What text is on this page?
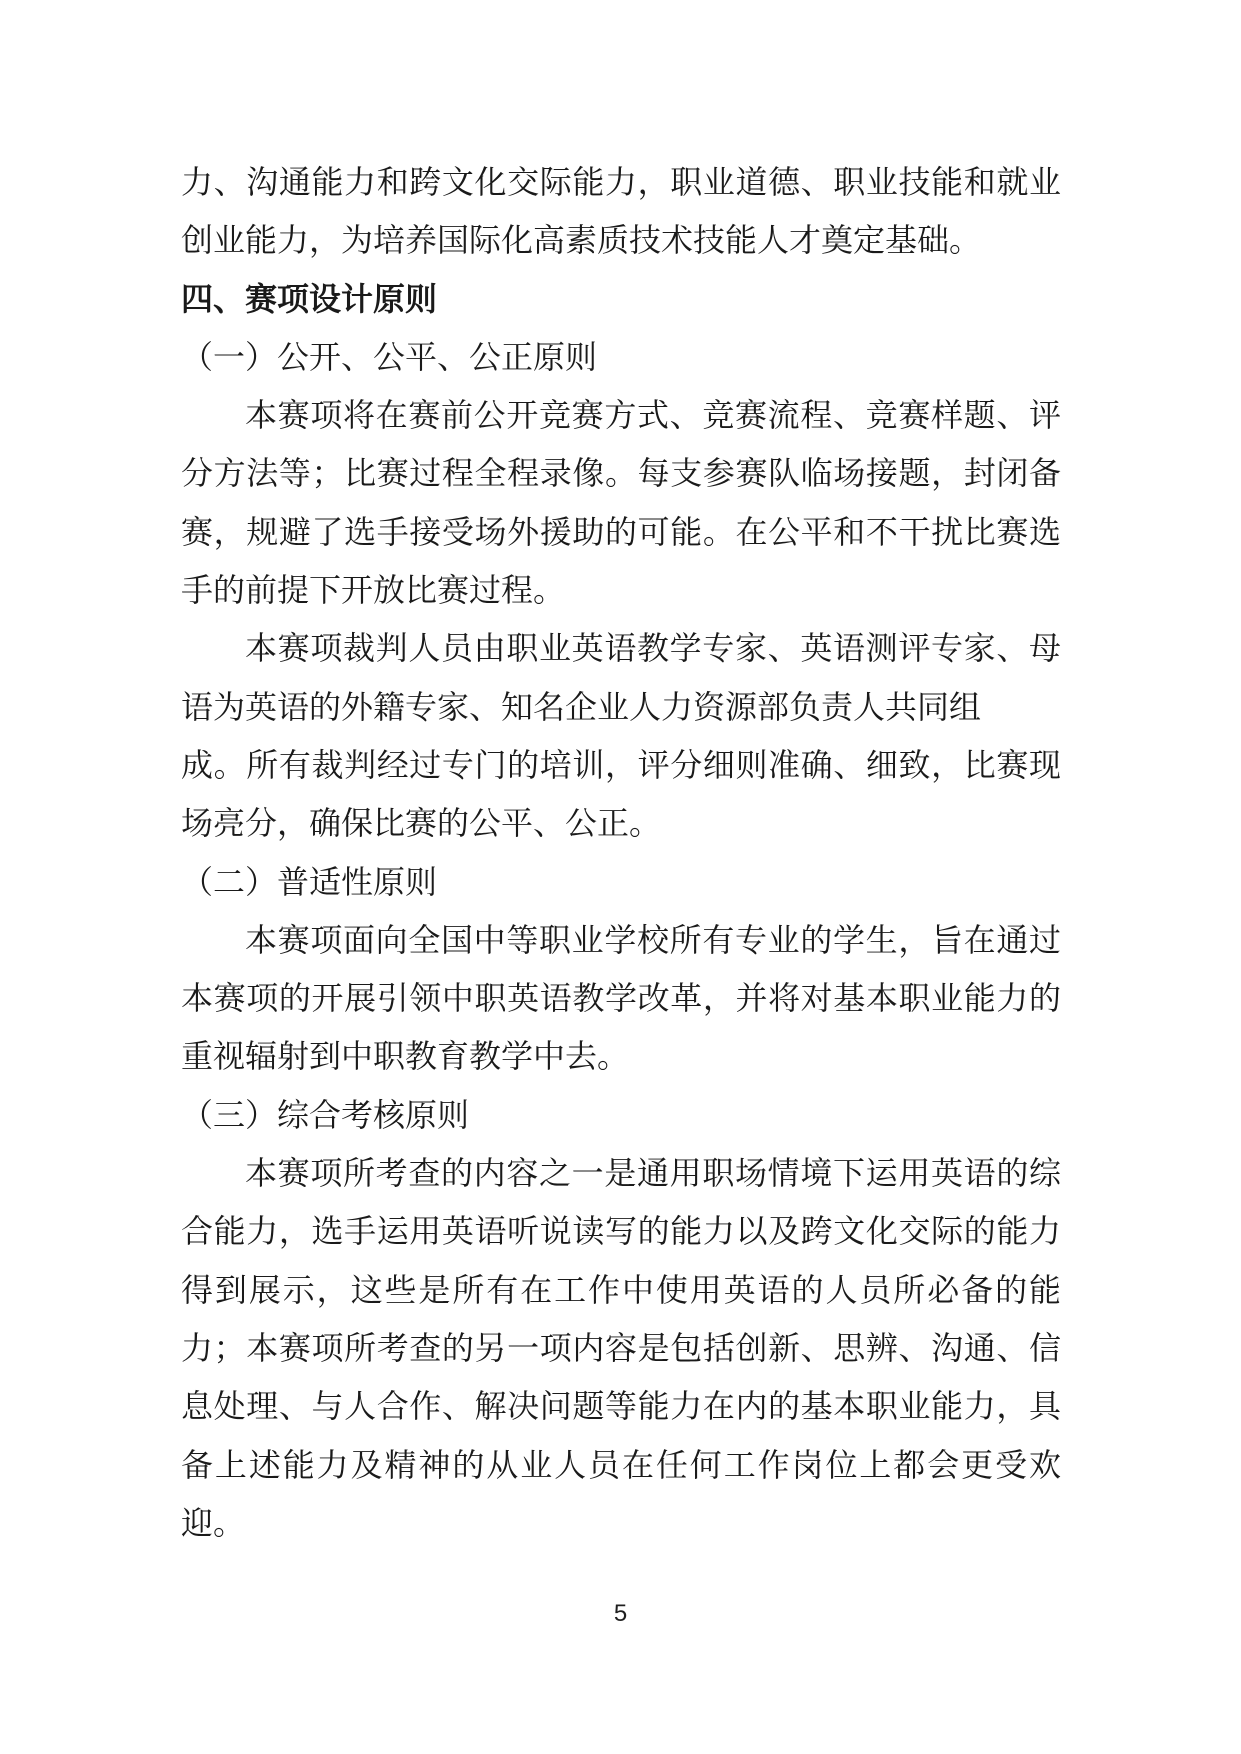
力、沟通能力和跨文化交际能力，职业道德、职业技能和就业
创业能力，为培养国际化高素质技术技能人才奠定基础。
四、赛项设计原则
（一）公开、公平、公正原则
本赛项将在赛前公开竞赛方式、竞赛流程、竞赛样题、评
分方法等；比赛过程全程录像。每支参赛队临场接题，封闭备
赛，规避了选手接受场外援助的可能。在公平和不干扰比赛选
手的前提下开放比赛过程。
本赛项裁判人员由职业英语教学专家、英语测评专家、母
语为英语的外籍专家、知名企业人力资源部负责人共同组
成。所有裁判经过专门的培训，评分细则准确、细致，比赛现
场亮分，确保比赛的公平、公正。
（二）普适性原则
本赛项面向全国中等职业学校所有专业的学生，旨在通过
本赛项的开展引领中职英语教学改革，并将对基本职业能力的
重视辐射到中职教育教学中去。
（三）综合考核原则
本赛项所考查的内容之一是通用职场情境下运用英语的综
合能力，选手运用英语听说读写的能力以及跨文化交际的能力
得到展示，这些是所有在工作中使用英语的人员所必备的能
力；本赛项所考查的另一项内容是包括创新、思辨、沟通、信
息处理、与人合作、解决问题等能力在内的基本职业能力，具
备上述能力及精神的从业人员在任何工作岗位上都会更受欢
迎。
5
